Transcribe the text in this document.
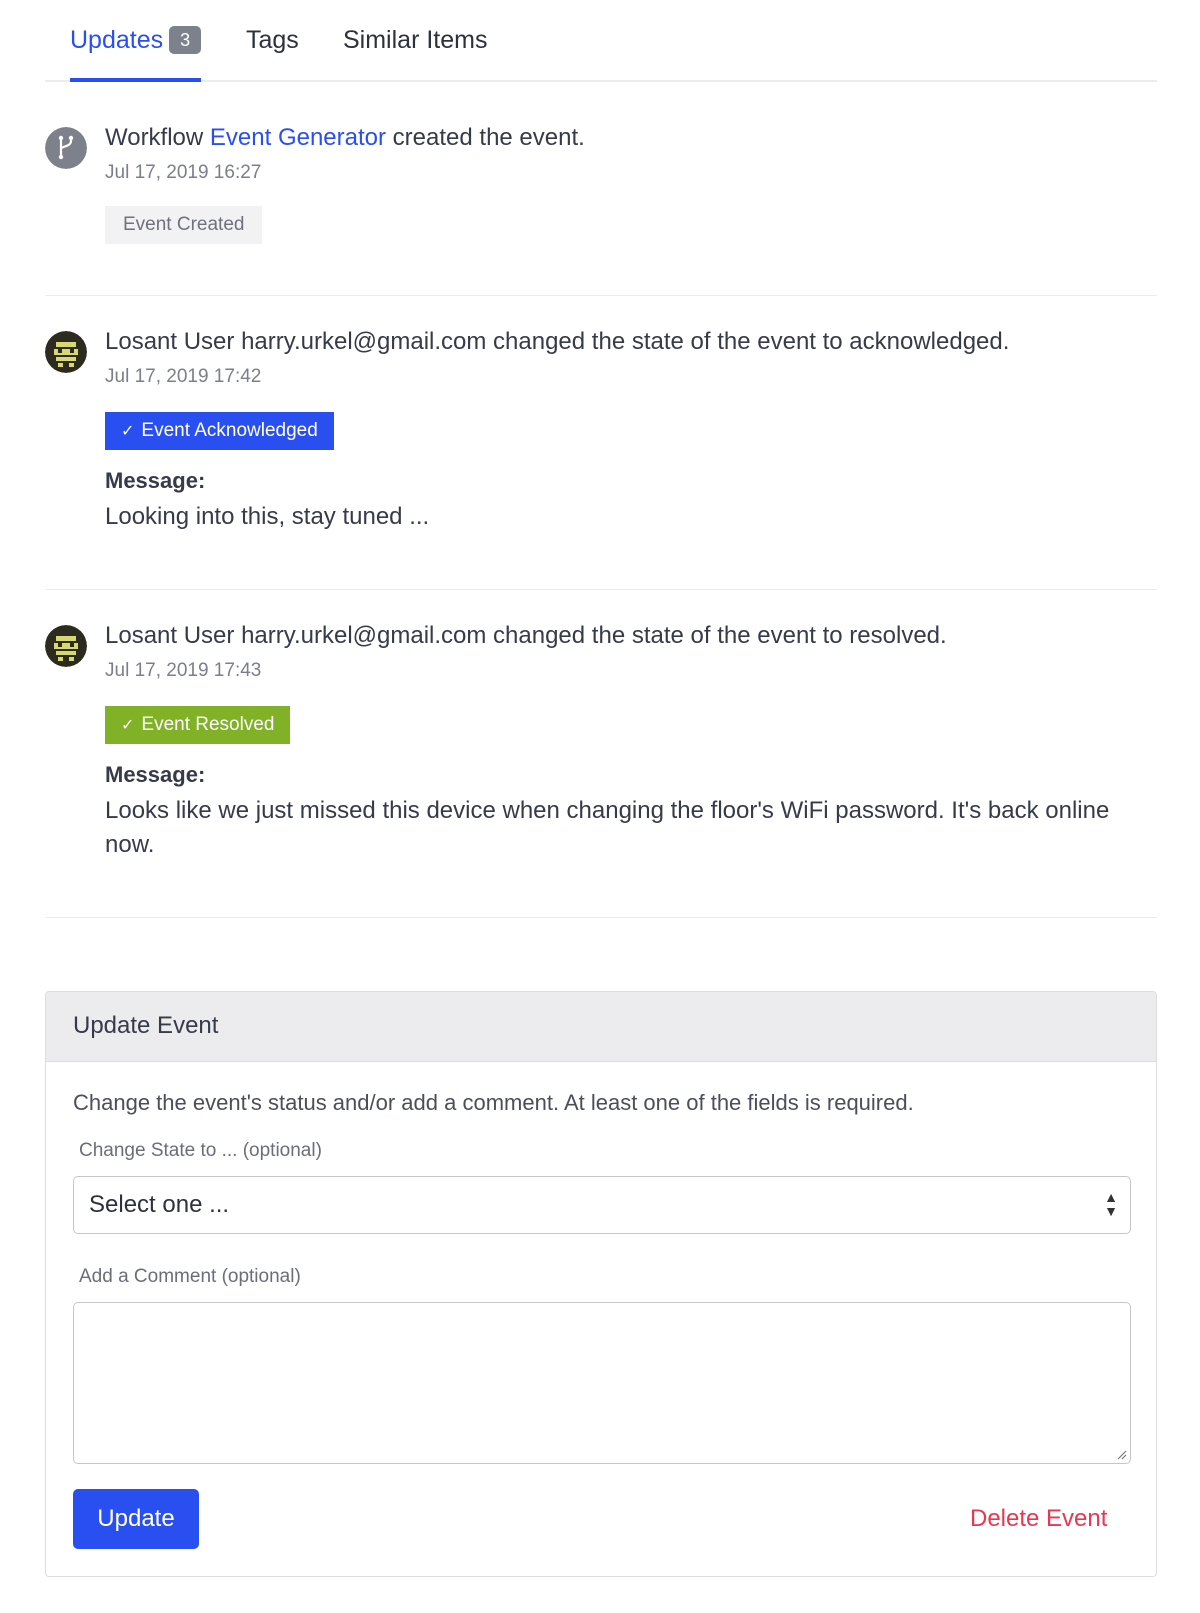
Updates 3	Tags Similar Items
Workflow Event Generator created the event.
Jul 17, 2019 16:27
Event Created
Losant User harry.urkel@gmail.com changed the state of the event to acknowledged.
Jul 17, 2019 17:42
✓ Event Acknowledged
Message:
Looking into this, stay tuned ...
Losant User harry.urkel@gmail.com changed the state of the event to resolved.
Jul 17, 2019 17:43
✓ Event Resolved
Message:
Looks like we just missed this device when changing the floor's WiFi password. It's back online now.
Update Event
Change the event's status and/or add a comment. At least one of the fields is required.
Change State to ... (optional)
Select one ...	▲
▼
Add a Comment (optional)
Update	Delete Event
